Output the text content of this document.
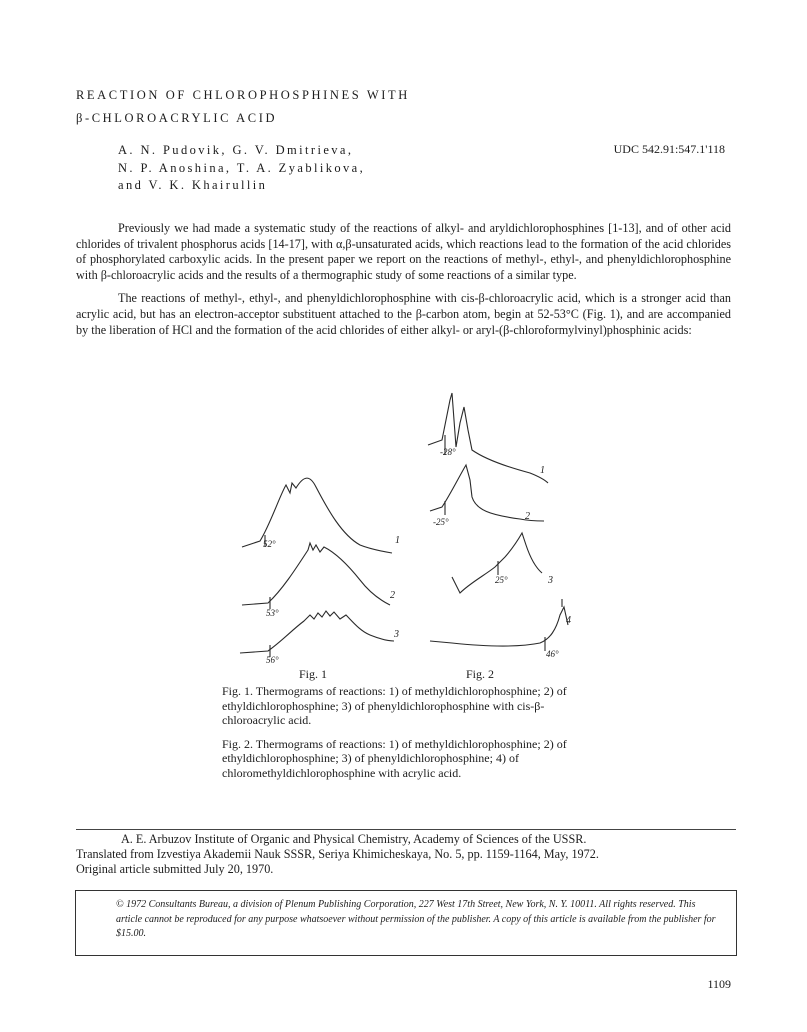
REACTION OF CHLOROPHOSPHINES WITH
β-CHLOROACRYLIC ACID
A. N. Pudovik, G. V. Dmitrieva,
N. P. Anoshina, T. A. Zyablikova,
and V. K. Khairullin
UDC 542.91:547.1'118

Previously we had made a systematic study of the reactions of alkyl- and aryldichlorophosphines [1-13], and of other acid chlorides of trivalent phosphorus acids [14-17], with α,β-unsaturated acids, which reactions lead to the formation of the acid chlorides of phosphorylated carboxylic acids. In the present paper we report on the reactions of methyl-, ethyl-, and phenyldichlorophosphine with β-chloroacrylic acids and the results of a thermographic study of some reactions of a similar type.

The reactions of methyl-, ethyl-, and phenyldichlorophosphine with cis-β-chloroacrylic acid, which is a stronger acid than acrylic acid, but has an electron-acceptor substituent attached to the β-carbon atom, begin at 52-53°C (Fig. 1), and are accompanied by the liberation of HCl and the formation of the acid chlorides of either alkyl- or aryl-(β-chloroformylvinyl)phosphinic acids:

1
2
3
52°
53°
56°
1
2
3
4
-28°
-25°
25°
46°
Fig. 1	Fig. 2

Fig. 1. Thermograms of reactions: 1) of methyldichlorophosphine; 2) of ethyldichlorophosphine; 3) of phenyldichlorophosphine with cis-β-chloroacrylic acid.

Fig. 2. Thermograms of reactions: 1) of methyldichlorophosphine; 2) of ethyldichlorophosphine; 3) of phenyldichlorophosphine; 4) of chloromethyldichlorophosphine with acrylic acid.

A. E. Arbuzov Institute of Organic and Physical Chemistry, Academy of Sciences of the USSR.
Translated from Izvestiya Akademii Nauk SSSR, Seriya Khimicheskaya, No. 5, pp. 1159-1164, May, 1972.
Original article submitted July 20, 1970.
© 1972 Consultants Bureau, a division of Plenum Publishing Corporation, 227 West 17th Street, New York, N. Y. 10011. All rights reserved. This article cannot be reproduced for any purpose whatsoever without permission of the publisher. A copy of this article is available from the publisher for $15.00.
1109
